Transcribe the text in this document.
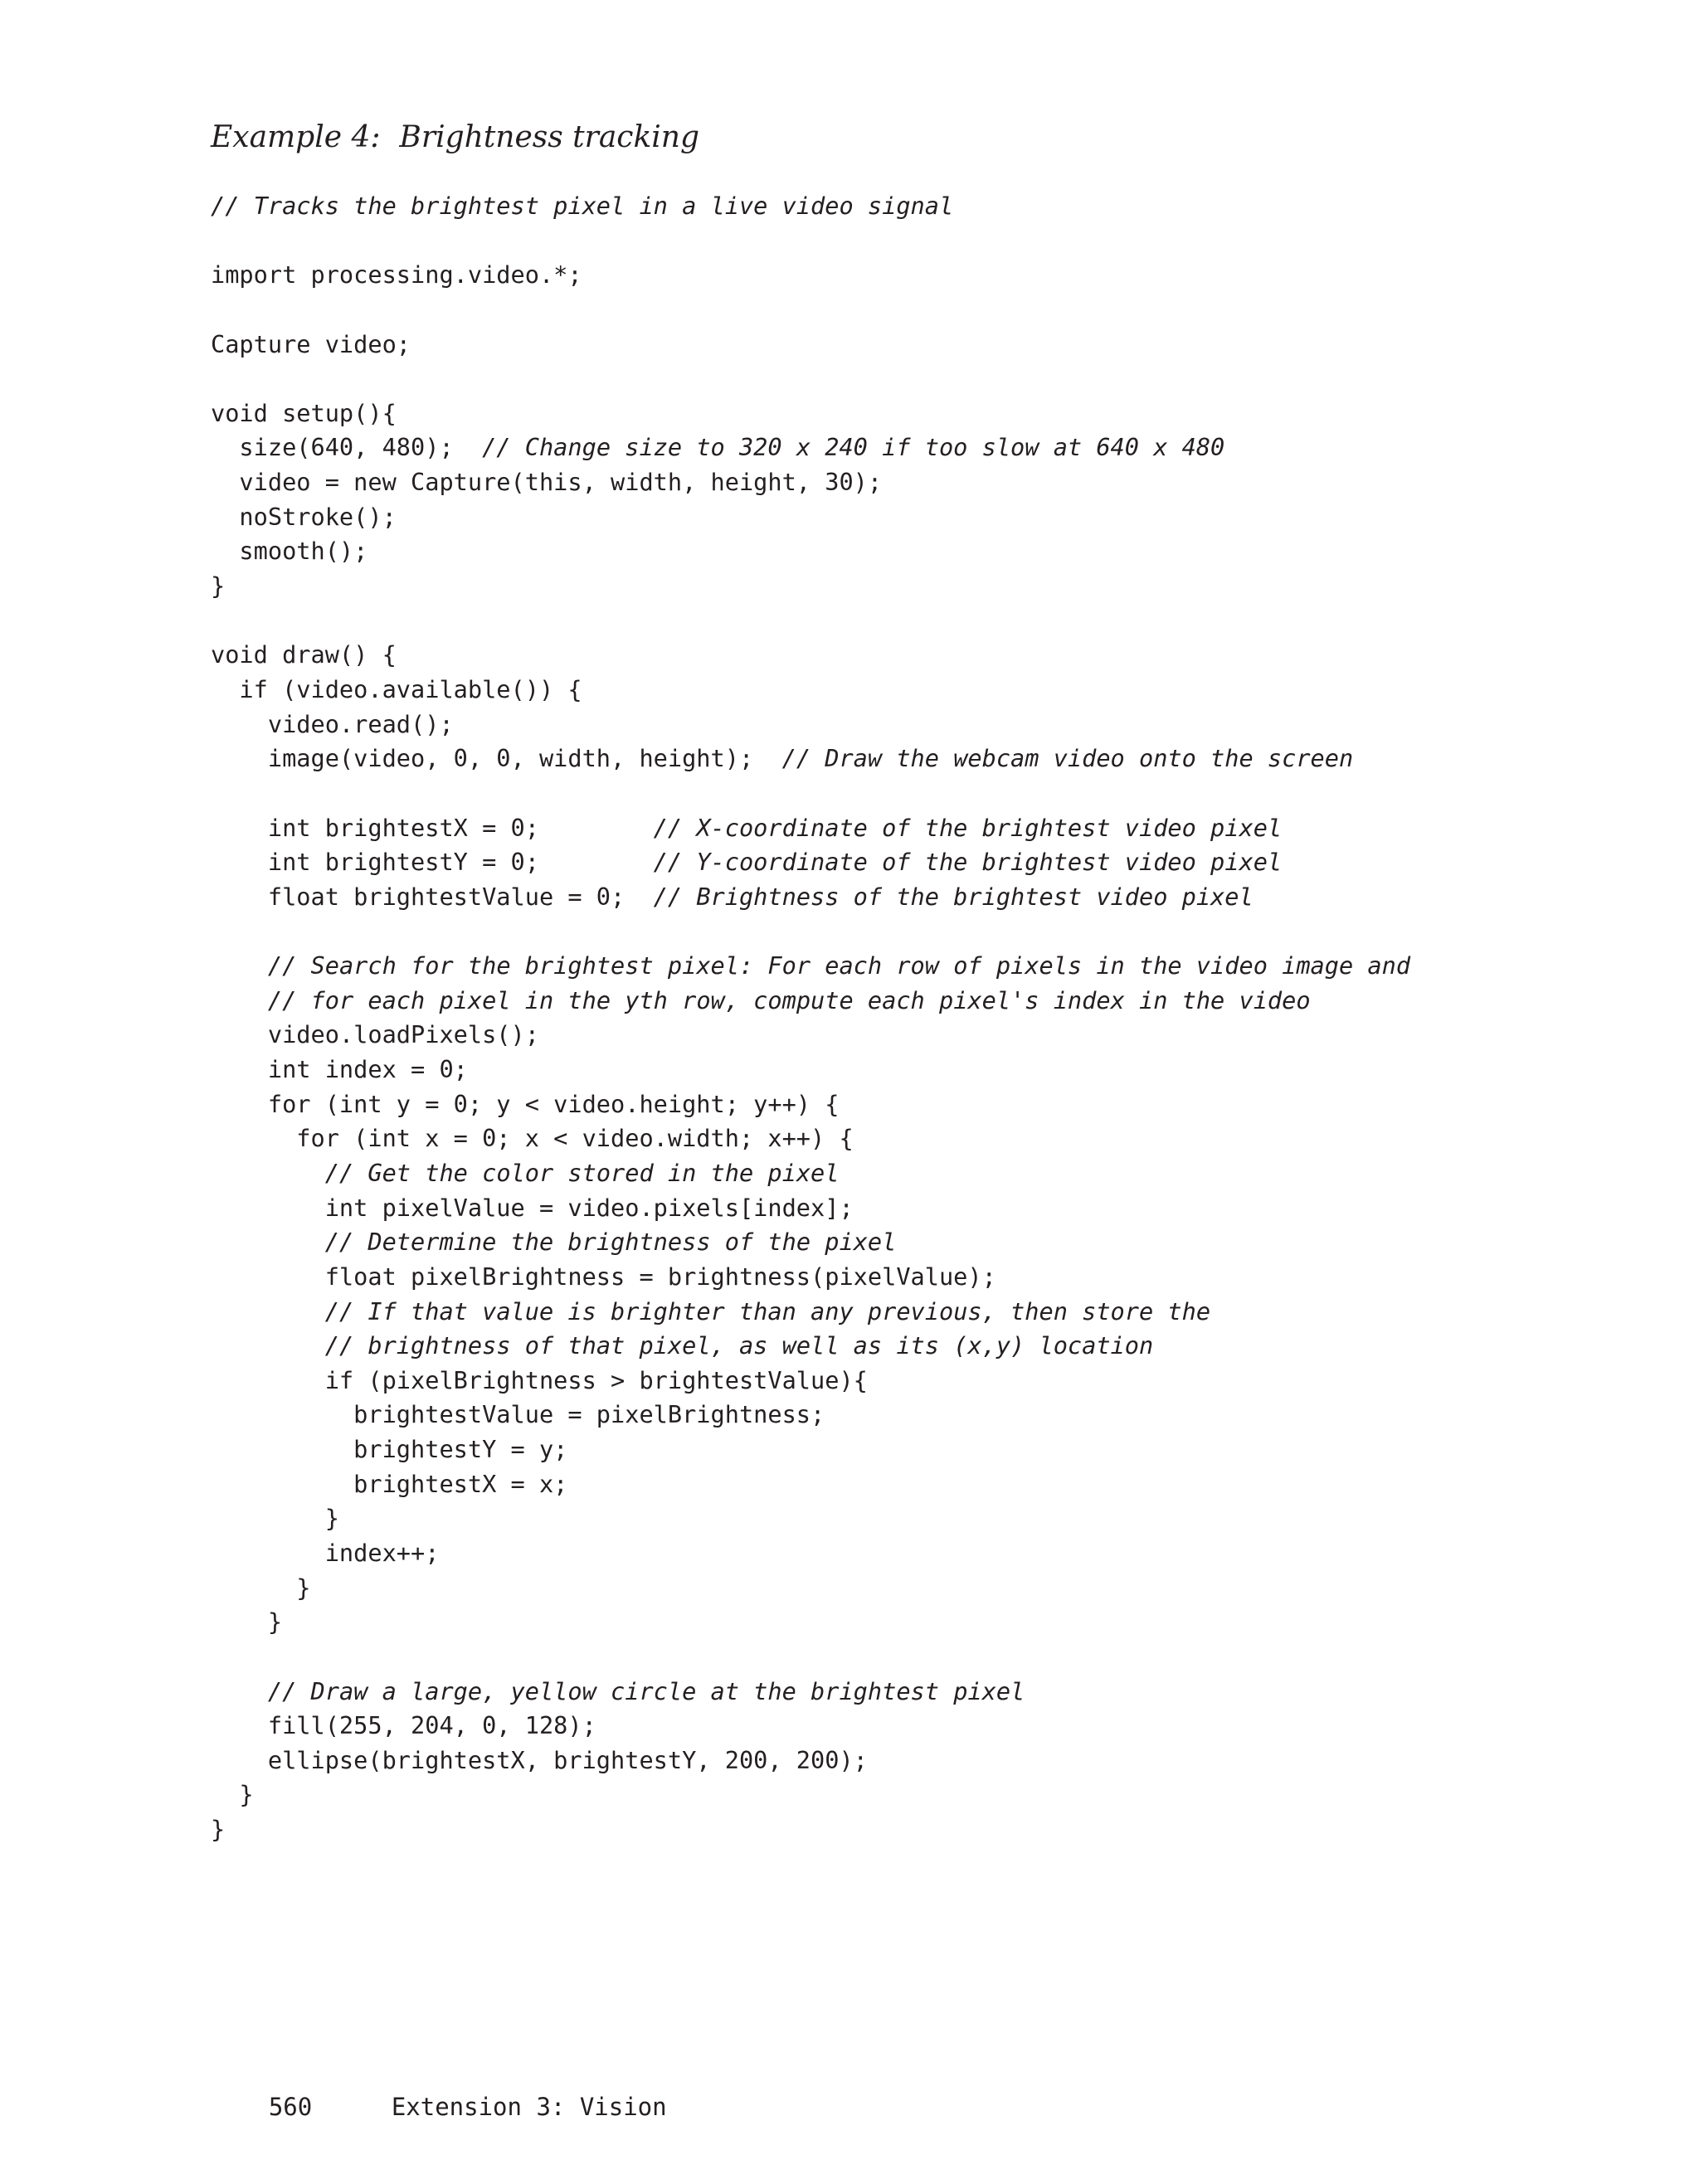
Example 4:  Brightness tracking
// Tracks the brightest pixel in a live video signal
import processing.video.*;
Capture video;
void setup(){
size(640, 480);  // Change size to 320 x 240 if too slow at 640 x 480
video = new Capture(this, width, height, 30);
noStroke();
smooth();
}
void draw() {
if (video.available()) {
video.read();
image(video, 0, 0, width, height);  // Draw the webcam video onto the screen
int brightestX = 0;        // X-coordinate of the brightest video pixel
int brightestY = 0;        // Y-coordinate of the brightest video pixel
float brightestValue = 0;  // Brightness of the brightest video pixel
// Search for the brightest pixel: For each row of pixels in the video image and
// for each pixel in the yth row, compute each pixel's index in the video
video.loadPixels();
int index = 0;
for (int y = 0; y < video.height; y++) {
for (int x = 0; x < video.width; x++) {
// Get the color stored in the pixel
int pixelValue = video.pixels[index];
// Determine the brightness of the pixel
float pixelBrightness = brightness(pixelValue);
// If that value is brighter than any previous, then store the
// brightness of that pixel, as well as its (x,y) location
if (pixelBrightness > brightestValue){
brightestValue = pixelBrightness;
brightestY = y;
brightestX = x;
}
index++;
}
}
// Draw a large, yellow circle at the brightest pixel
fill(255, 204, 0, 128);
ellipse(brightestX, brightestY, 200, 200);
}
}

560	Extension 3: Vision
